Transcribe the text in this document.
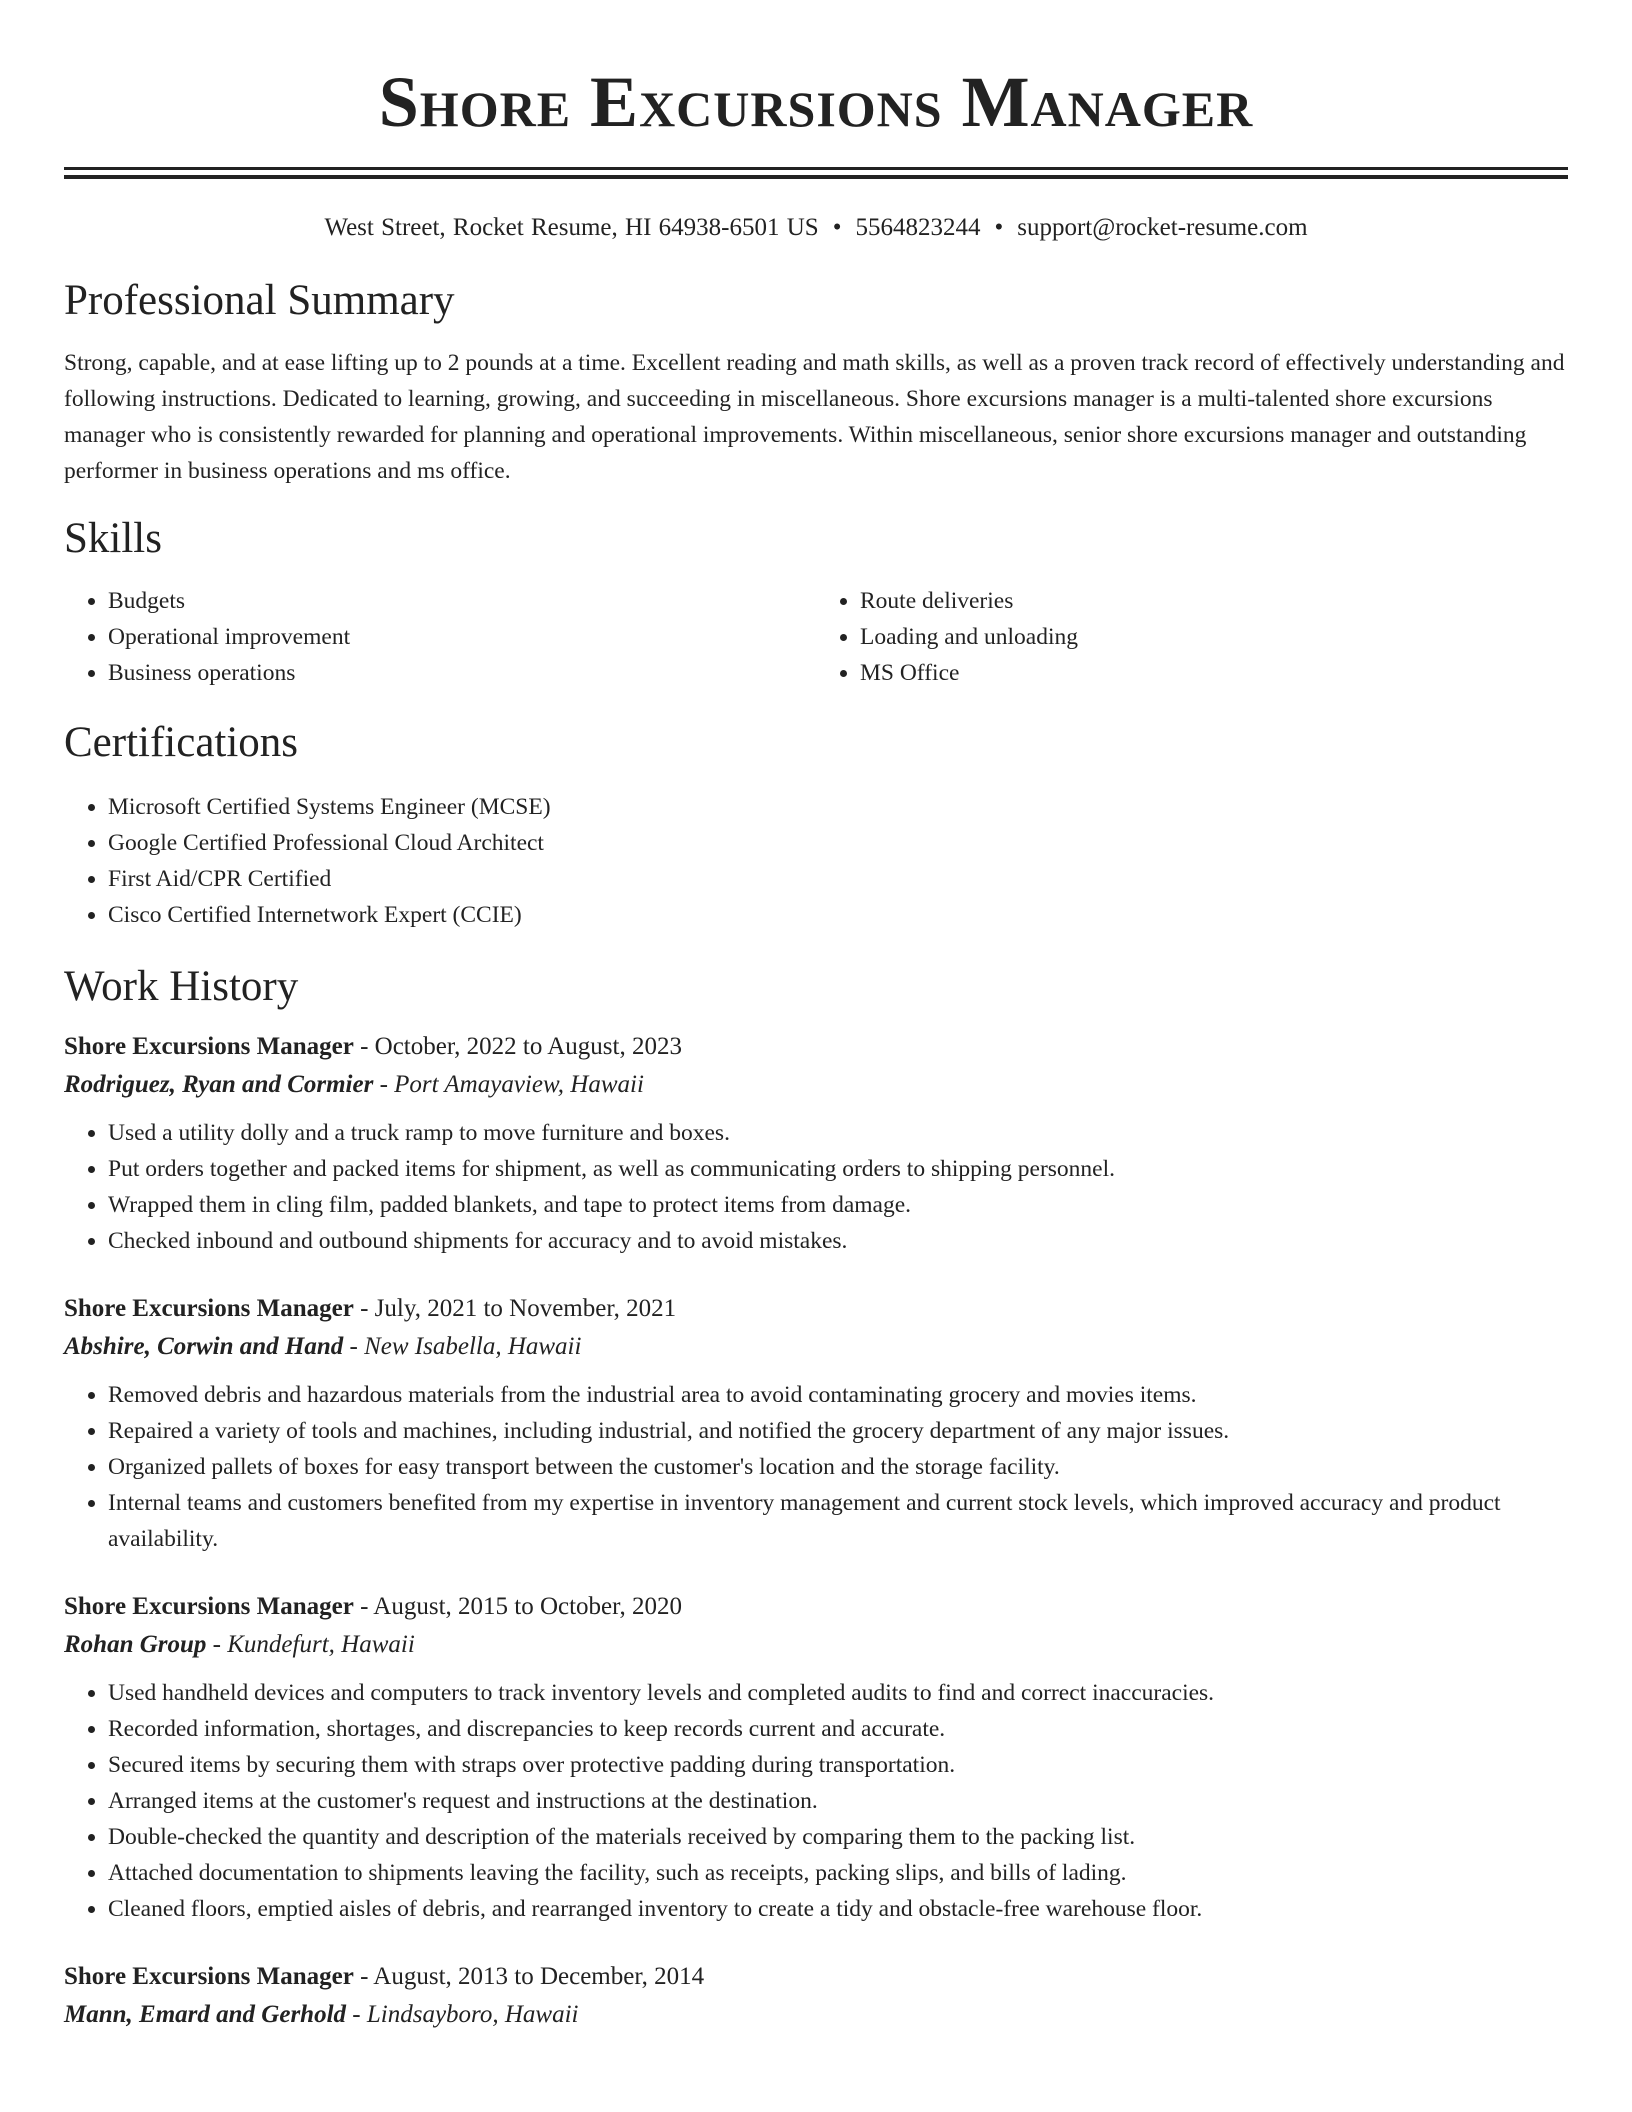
Shore Excursions Manager
West Street, Rocket Resume, HI 64938-6501 US • 5564823244 • support@rocket-resume.com
Professional Summary

Strong, capable, and at ease lifting up to 2 pounds at a time. Excellent reading and math skills, as well as a proven track record of effectively understanding and following instructions. Dedicated to learning, growing, and succeeding in miscellaneous. Shore excursions manager is a multi-talented shore excursions manager who is consistently rewarded for planning and operational improvements. Within miscellaneous, senior shore excursions manager and outstanding performer in business operations and ms office.

Skills
• Budgets
• Operational improvement
• Business operations
• Route deliveries
• Loading and unloading
• MS Office
Certifications
• Microsoft Certified Systems Engineer (MCSE)
• Google Certified Professional Cloud Architect
• First Aid/CPR Certified
• Cisco Certified Internetwork Expert (CCIE)
Work History
Shore Excursions Manager - October, 2022 to August, 2023
Rodriguez, Ryan and Cormier - Port Amayaview, Hawaii
• Used a utility dolly and a truck ramp to move furniture and boxes.
• Put orders together and packed items for shipment, as well as communicating orders to shipping personnel.
• Wrapped them in cling film, padded blankets, and tape to protect items from damage.
• Checked inbound and outbound shipments for accuracy and to avoid mistakes.
Shore Excursions Manager - July, 2021 to November, 2021
Abshire, Corwin and Hand - New Isabella, Hawaii
• Removed debris and hazardous materials from the industrial area to avoid contaminating grocery and movies items.
• Repaired a variety of tools and machines, including industrial, and notified the grocery department of any major issues.
• Organized pallets of boxes for easy transport between the customer's location and the storage facility.
• Internal teams and customers benefited from my expertise in inventory management and current stock levels, which improved accuracy and product availability.
Shore Excursions Manager - August, 2015 to October, 2020
Rohan Group - Kundefurt, Hawaii
• Used handheld devices and computers to track inventory levels and completed audits to find and correct inaccuracies.
• Recorded information, shortages, and discrepancies to keep records current and accurate.
• Secured items by securing them with straps over protective padding during transportation.
• Arranged items at the customer's request and instructions at the destination.
• Double-checked the quantity and description of the materials received by comparing them to the packing list.
• Attached documentation to shipments leaving the facility, such as receipts, packing slips, and bills of lading.
• Cleaned floors, emptied aisles of debris, and rearranged inventory to create a tidy and obstacle-free warehouse floor.
Shore Excursions Manager - August, 2013 to December, 2014
Mann, Emard and Gerhold - Lindsayboro, Hawaii
